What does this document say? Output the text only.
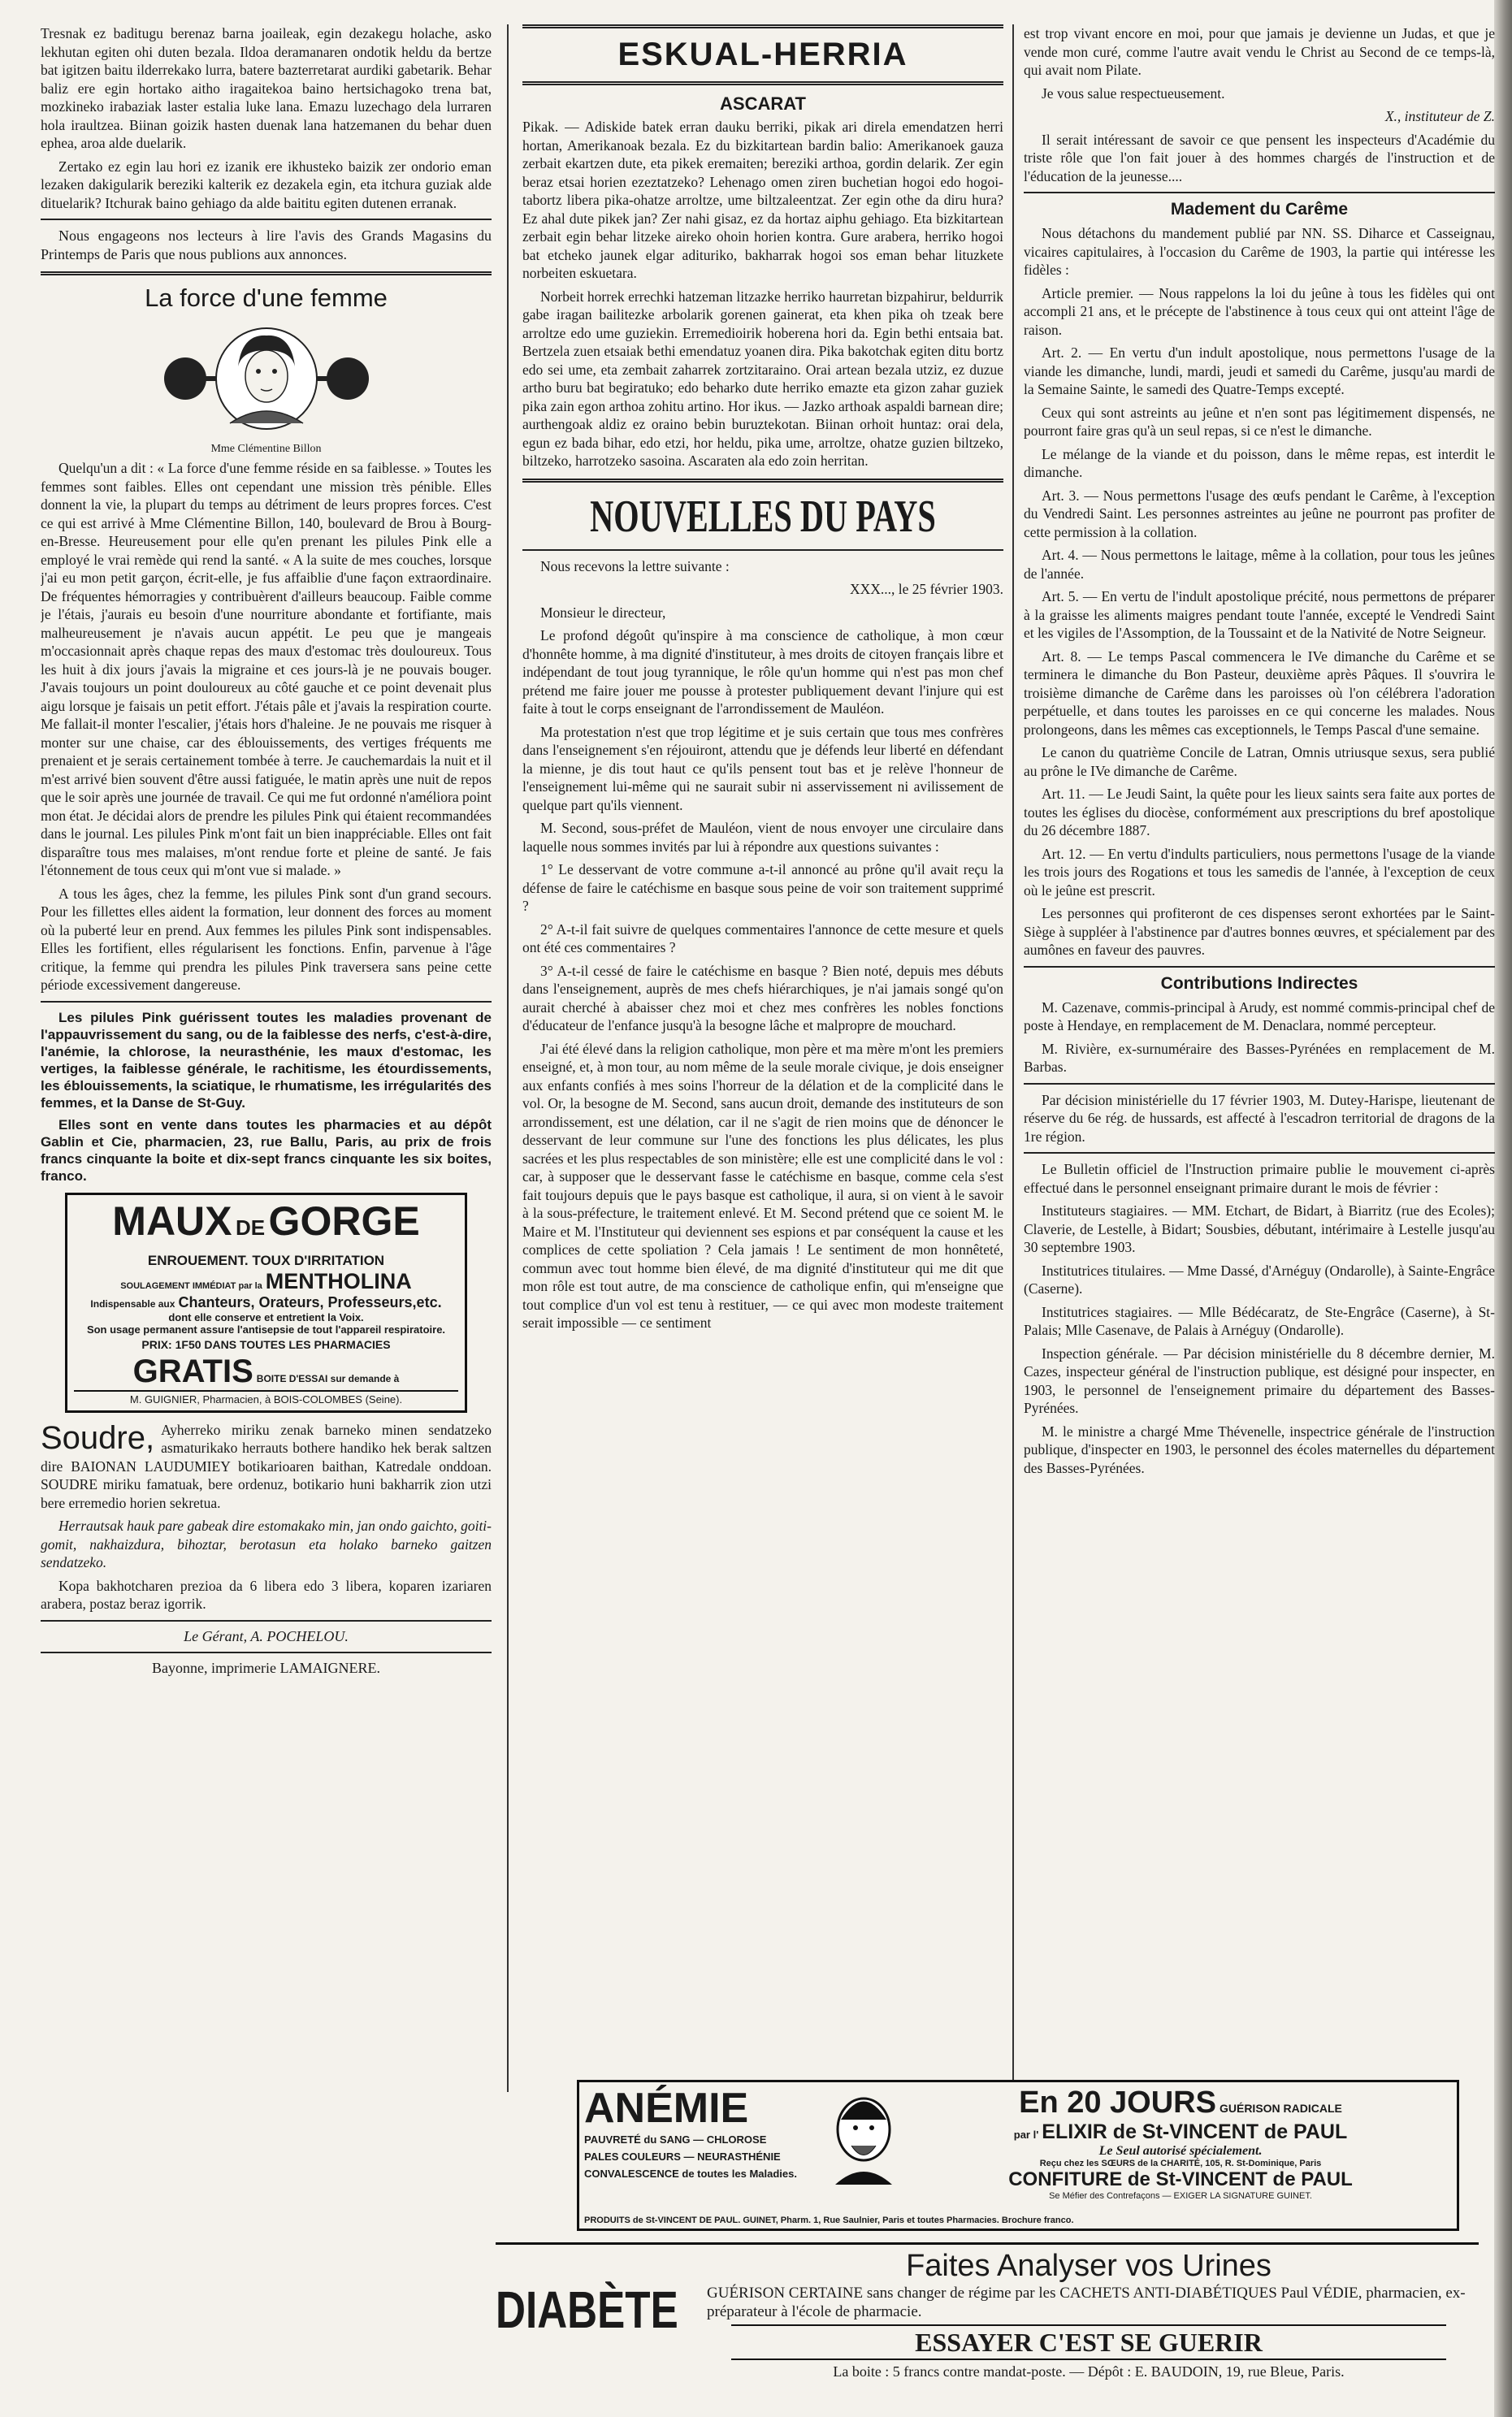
Tresnak ez baditugu berenaz barna joaileak, egin dezakegu holache, asko lekhutan egiten ohi duten bezala. Ildoa deramanaren ondotik heldu da bertze bat igitzen baitu ilderrekako lurra, batere bazterretarat aurdiki gabetarik. Behar baliz ere egin hortako aitho iragaitekoa baino hertsichagoko trena bat, mozkineko irabaziak laster estalia luke lana. Emazu luzechago dela lurraren hola iraultzea. Biinan goizik hasten duenak lana hatzemanen du behar duen ephea, aroa alde duelarik.

Zertako ez egin lau hori ez izanik ere ikhusteko baizik zer ondorio eman lezaken dakigularik bereziki kalterik ez dezakela egin, eta itchura guziak alde dituelarik? Itchurak baino gehiago da alde baititu egiten dutenen erranak.

Nous engageons nos lecteurs à lire l'avis des Grands Magasins du Printemps de Paris que nous publions aux annonces.

La force d'une femme
Mme Clémentine Billon

Quelqu'un a dit : « La force d'une femme réside en sa faiblesse. » Toutes les femmes sont faibles. Elles ont cependant une mission très pénible. Elles donnent la vie, la plupart du temps au détriment de leurs propres forces. C'est ce qui est arrivé à Mme Clémentine Billon, 140, boulevard de Brou à Bourg-en-Bresse. Heureusement pour elle qu'en prenant les pilules Pink elle a employé le vrai remède qui rend la santé. « A la suite de mes couches, lorsque j'ai eu mon petit garçon, écrit-elle, je fus affaiblie d'une façon extraordinaire. De fréquentes hémorragies y contribuèrent d'ailleurs beaucoup. Faible comme je l'étais, j'aurais eu besoin d'une nourriture abondante et fortifiante, mais malheureusement je n'avais aucun appétit. Le peu que je mangeais m'occasionnait après chaque repas des maux d'estomac très douloureux. Tous les huit à dix jours j'avais la migraine et ces jours-là je ne pouvais bouger. J'avais toujours un point douloureux au côté gauche et ce point devenait plus aigu lorsque je faisais un petit effort. J'étais pâle et j'avais la respiration courte. Me fallait-il monter l'escalier, j'étais hors d'haleine. Je ne pouvais me risquer à monter sur une chaise, car des éblouissements, des vertiges fréquents me prenaient et je serais certainement tombée à terre. Je cauchemardais la nuit et il m'est arrivé bien souvent d'être aussi fatiguée, le matin après une nuit de repos que le soir après une journée de travail. Ce qui me fut ordonné n'améliora point mon état. Je décidai alors de prendre les pilules Pink qui étaient recommandées dans le journal. Les pilules Pink m'ont fait un bien inappréciable. Elles ont fait disparaître tous mes malaises, m'ont rendue forte et pleine de santé. Je fais l'étonnement de tous ceux qui m'ont vue si malade. »

A tous les âges, chez la femme, les pilules Pink sont d'un grand secours. Pour les fillettes elles aident la formation, leur donnent des forces au moment où la puberté leur en prend. Aux femmes les pilules Pink sont indispensables. Elles les fortifient, elles régularisent les fonctions. Enfin, parvenue à l'âge critique, la femme qui prendra les pilules Pink traversera sans peine cette période excessivement dangereuse.

Les pilules Pink guérissent toutes les maladies provenant de l'appauvrissement du sang, ou de la faiblesse des nerfs, c'est-à-dire, l'anémie, la chlorose, la neurasthénie, les maux d'estomac, les vertiges, la faiblesse générale, le rachitisme, les étourdissements, les éblouissements, la sciatique, le rhumatisme, les irrégularités des femmes, et la Danse de St-Guy.

Elles sont en vente dans toutes les pharmacies et au dépôt Gablin et Cie, pharmacien, 23, rue Ballu, Paris, au prix de frois francs cinquante la boite et dix-sept francs cinquante les six boites, franco.

MAUX DE GORGE
ENROUEMENT. TOUX D'IRRITATION
SOULAGEMENT IMMÉDIAT par la MENTHOLINA
Indispensable aux Chanteurs, Orateurs, Professeurs,etc.
dont elle conserve et entretient la Voix.
Son usage permanent assure l'antisepsie de tout l'appareil respiratoire.
PRIX: 1F50 DANS TOUTES LES PHARMACIES
GRATIS BOITE D'ESSAI sur demande à
M. GUIGNIER, Pharmacien, à BOIS-COLOMBES (Seine).
Soudre, Ayherreko miriku zenak barneko minen sendatzeko asmaturikako herrauts bothere handiko hek berak saltzen dire BAIONAN LAUDUMIEY botikarioaren baithan, Katredale onddoan. SOUDRE miriku famatuak, bere ordenuz, botikario huni bakharrik zion utzi bere erremedio horien sekretua.

Herrautsak hauk pare gabeak dire estomakako min, jan ondo gaichto, goiti-gomit, nakhaizdura, bihoztar, berotasun eta holako barneko gaitzen sendatzeko.

Kopa bakhotcharen prezioa da 6 libera edo 3 libera, koparen izariaren arabera, postaz beraz igorrik.

Le Gérant, A. POCHELOU.
Bayonne, imprimerie LAMAIGNERE.
ESKUAL-HERRIA
ASCARAT

Pikak. — Adiskide batek erran dauku berriki, pikak ari direla emendatzen herri hortan, Amerikanoak bezala. Ez du bizkitartean bardin balio: Amerikanoek gauza zerbait ekartzen dute, eta pikek eremaiten; bereziki arthoa, gordin delarik. Zer egin beraz etsai horien ezeztatzeko? Lehenago omen ziren buchetian hogoi edo hogoi-tabortz libera pika-ohatze arroltze, ume biltzaleentzat. Zer egin othe da diru hura? Ez ahal dute pikek jan? Zer nahi gisaz, ez da hortaz aiphu gehiago. Eta bizkitartean zerbait egin behar litzeke aireko ohoin horien kontra. Gure arabera, herriko hogoi bat etcheko jaunek elgar adituriko, bakharrak hogoi sos eman behar lituzkete norbeiten eskuetara.

Norbeit horrek errechki hatzeman litzazke herriko haurretan bizpahirur, beldurrik gabe iragan bailitezke arbolarik gorenen gainerat, eta khen pika oh tzeak bere arroltze edo ume guziekin. Erremedioirik hoberena hori da. Egin bethi entsaia bat. Bertzela zuen etsaiak bethi emendatuz yoanen dira. Pika bakotchak egiten ditu bortz edo sei ume, eta zembait zaharrek zortzitaraino. Orai artean bezala utziz, ez duzue artho buru bat begiratuko; edo beharko dute herriko emazte eta gizon zahar guziek pika zain egon arthoa zohitu artino. Hor ikus. — Jazko arthoak aspaldi barnean dire; aurthengoak aldiz ez oraino bebin buruztekotan. Biinan orhoit huntaz: orai dela, egun ez bada bihar, edo etzi, hor heldu, pika ume, arroltze, ohatze guzien biltzeko, biltzeko, harrotzeko sasoina. Ascaraten ala edo zoin herritan.

NOUVELLES DU PAYS

Nous recevons la lettre suivante :

XXX..., le 25 février 1903.

Monsieur le directeur,

Le profond dégoût qu'inspire à ma conscience de catholique, à mon cœur d'honnête homme, à ma dignité d'instituteur, à mes droits de citoyen français libre et indépendant de tout joug tyrannique, le rôle qu'un homme qui n'est pas mon chef prétend me faire jouer me pousse à protester publiquement devant l'injure qui est faite à tout le corps enseignant de l'arrondissement de Mauléon.

Ma protestation n'est que trop légitime et je suis certain que tous mes confrères dans l'enseignement s'en réjouiront, attendu que je défends leur liberté en défendant la mienne, je dis tout haut ce qu'ils pensent tout bas et je relève l'honneur de l'enseignement lui-même qui ne saurait subir ni asservissement ni avilissement de quelque part qu'ils viennent.

M. Second, sous-préfet de Mauléon, vient de nous envoyer une circulaire dans laquelle nous sommes invités par lui à répondre aux questions suivantes :

1° Le desservant de votre commune a-t-il annoncé au prône qu'il avait reçu la défense de faire le catéchisme en basque sous peine de voir son traitement supprimé ?

2° A-t-il fait suivre de quelques commentaires l'annonce de cette mesure et quels ont été ces commentaires ?

3° A-t-il cessé de faire le catéchisme en basque ? Bien noté, depuis mes débuts dans l'enseignement, auprès de mes chefs hiérarchiques, je n'ai jamais songé qu'on aurait cherché à abaisser chez moi et chez mes confrères les nobles fonctions d'éducateur de l'enfance jusqu'à la besogne lâche et malpropre de mouchard.

J'ai été élevé dans la religion catholique, mon père et ma mère m'ont les premiers enseigné, et, à mon tour, au nom même de la seule morale civique, je dois enseigner aux enfants confiés à mes soins l'horreur de la délation et de la complicité dans le vol. Or, la besogne de M. Second, sans aucun droit, demande des instituteurs de son arrondissement, est une délation, car il ne s'agit de rien moins que de dénoncer le desservant de leur commune sur l'une des fonctions les plus délicates, les plus sacrées et les plus respectables de son ministère; elle est une complicité dans le vol : car, à supposer que le desservant fasse le catéchisme en basque, comme cela s'est fait toujours depuis que le pays basque est catholique, il aura, si on vient à le savoir à la sous-préfecture, le traitement enlevé. Et M. Second prétend que ce soient M. le Maire et M. l'Instituteur qui deviennent ses espions et par conséquent la cause et les complices de cette spoliation ? Cela jamais ! Le sentiment de mon honnêteté, commun avec tout homme bien élevé, de ma dignité d'instituteur qui me dit que mon rôle est tout autre, de ma conscience de catholique enfin, qui m'enseigne que tout complice d'un vol est tenu à restituer, — ce qui avec mon modeste traitement serait impossible — ce sentiment

est trop vivant encore en moi, pour que jamais je devienne un Judas, et que je vende mon curé, comme l'autre avait vendu le Christ au Second de ce temps-là, qui avait nom Pilate.

Je vous salue respectueusement.

X., instituteur de Z.

Il serait intéressant de savoir ce que pensent les inspecteurs d'Académie du triste rôle que l'on fait jouer à des hommes chargés de l'instruction et de l'éducation de la jeunesse....

Madement du Carême

Nous détachons du mandement publié par NN. SS. Diharce et Casseignau, vicaires capitulaires, à l'occasion du Carême de 1903, la partie qui intéresse les fidèles :

Article premier. — Nous rappelons la loi du jeûne à tous les fidèles qui ont accompli 21 ans, et le précepte de l'abstinence à tous ceux qui ont atteint l'âge de raison.

Art. 2. — En vertu d'un indult apostolique, nous permettons l'usage de la viande les dimanche, lundi, mardi, jeudi et samedi du Carême, jusqu'au mardi de la Semaine Sainte, le samedi des Quatre-Temps excepté.

Ceux qui sont astreints au jeûne et n'en sont pas légitimement dispensés, ne pourront faire gras qu'à un seul repas, si ce n'est le dimanche.

Le mélange de la viande et du poisson, dans le même repas, est interdit le dimanche.

Art. 3. — Nous permettons l'usage des œufs pendant le Carême, à l'exception du Vendredi Saint. Les personnes astreintes au jeûne ne pourront pas profiter de cette permission à la collation.

Art. 4. — Nous permettons le laitage, même à la collation, pour tous les jeûnes de l'année.

Art. 5. — En vertu de l'indult apostolique précité, nous permettons de préparer à la graisse les aliments maigres pendant toute l'année, excepté le Vendredi Saint et les vigiles de l'Assomption, de la Toussaint et de la Nativité de Notre Seigneur.

Art. 8. — Le temps Pascal commencera le IVe dimanche du Carême et se terminera le dimanche du Bon Pasteur, deuxième après Pâques. Il s'ouvrira le troisième dimanche de Carême dans les paroisses où l'on célébrera l'adoration perpétuelle, et dans toutes les paroisses en ce qui concerne les malades. Nous prolongeons, dans les mêmes cas exceptionnels, le Temps Pascal d'une semaine.

Le canon du quatrième Concile de Latran, Omnis utriusque sexus, sera publié au prône le IVe dimanche de Carême.

Art. 11. — Le Jeudi Saint, la quête pour les lieux saints sera faite aux portes de toutes les églises du diocèse, conformément aux prescriptions du bref apostolique du 26 décembre 1887.

Art. 12. — En vertu d'indults particuliers, nous permettons l'usage de la viande les trois jours des Rogations et tous les samedis de l'année, à l'exception de ceux où le jeûne est prescrit.

Les personnes qui profiteront de ces dispenses seront exhortées par le Saint-Siège à suppléer à l'abstinence par d'autres bonnes œuvres, et spécialement par des aumônes en faveur des pauvres.

Contributions Indirectes

M. Cazenave, commis-principal à Arudy, est nommé commis-principal chef de poste à Hendaye, en remplacement de M. Denaclara, nommé percepteur.

M. Rivière, ex-surnuméraire des Basses-Pyrénées en remplacement de M. Barbas.

Par décision ministérielle du 17 février 1903, M. Dutey-Harispe, lieutenant de réserve du 6e rég. de hussards, est affecté à l'escadron territorial de dragons de la 1re région.

Le Bulletin officiel de l'Instruction primaire publie le mouvement ci-après effectué dans le personnel enseignant primaire durant le mois de février :

Instituteurs stagiaires. — MM. Etchart, de Bidart, à Biarritz (rue des Ecoles); Claverie, de Lestelle, à Bidart; Sousbies, débutant, intérimaire à Lestelle jusqu'au 30 septembre 1903.

Institutrices titulaires. — Mme Dassé, d'Arnéguy (Ondarolle), à Sainte-Engrâce (Caserne).

Institutrices stagiaires. — Mlle Bédécaratz, de Ste-Engrâce (Caserne), à St-Palais; Mlle Casenave, de Palais à Arnéguy (Ondarolle).

Inspection générale. — Par décision ministérielle du 8 décembre dernier, M. Cazes, inspecteur général de l'instruction publique, est désigné pour inspecter, en 1903, le personnel de l'enseignement primaire du département des Basses-Pyrénées.

M. le ministre a chargé Mme Thévenelle, inspectrice générale de l'instruction publique, d'inspecter en 1903, le personnel des écoles maternelles du département des Basses-Pyrénées.

ANÉMIE
PAUVRETÉ du SANG — CHLOROSE
PALES COULEURS — NEURASTHÉNIE
CONVALESCENCE de toutes les Maladies.
En 20 JOURS GUÉRISON RADICALE
par l' ELIXIR de St-VINCENT de PAUL
Le Seul autorisé spécialement.
Reçu chez les SŒURS de la CHARITÉ, 105, R. St-Dominique, Paris
CONFITURE de St-VINCENT de PAUL
Se Méfier des Contrefaçons — EXIGER LA SIGNATURE GUINET.
PRODUITS de St-VINCENT DE PAUL. GUINET, Pharm. 1, Rue Saulnier, Paris et toutes Pharmacies. Brochure franco.
DIABÈTE
Faites Analyser vos Urines
GUÉRISON CERTAINE sans changer de régime par les CACHETS ANTI-DIABÉTIQUES Paul VÉDIE, pharmacien, ex-préparateur à l'école de pharmacie.
ESSAYER C'EST SE GUERIR
La boite : 5 francs contre mandat-poste. — Dépôt : E. BAUDOIN, 19, rue Bleue, Paris.
